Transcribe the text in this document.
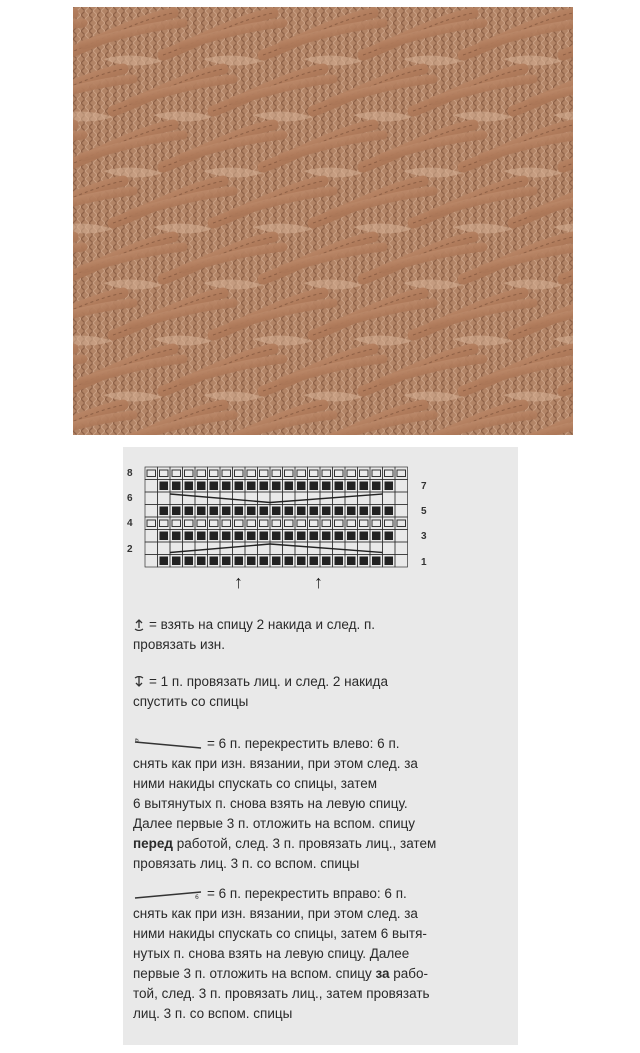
8
6
4
2
7
5
3
1
↑	↑

= взять на спицу 2 накида и след. п.

провязать изн.

= 1 п. провязать лиц. и след. 2 накида

спустить со спицы

6	= 6 п. перекрестить влево: 6 п.

снять как при изн. вязании, при этом след. за

ними накиды спускать со спицы, затем

6 вытянутых п. снова взять на левую спицу.

Далее первые 3 п. отложить на вспом. спицу

перед работой, след. 3 п. провязать лиц., затем

провязать лиц. 3 п. со вспом. спицы

6 = 6 п. перекрестить вправо: 6 п.

снять как при изн. вязании, при этом след. за

ними накиды спускать со спицы, затем 6 вытя-

нутых п. снова взять на левую спицу. Далее

первые 3 п. отложить на вспом. спицу за рабо-

той, след. 3 п. провязать лиц., затем провязать

лиц. 3 п. со вспом. спицы
